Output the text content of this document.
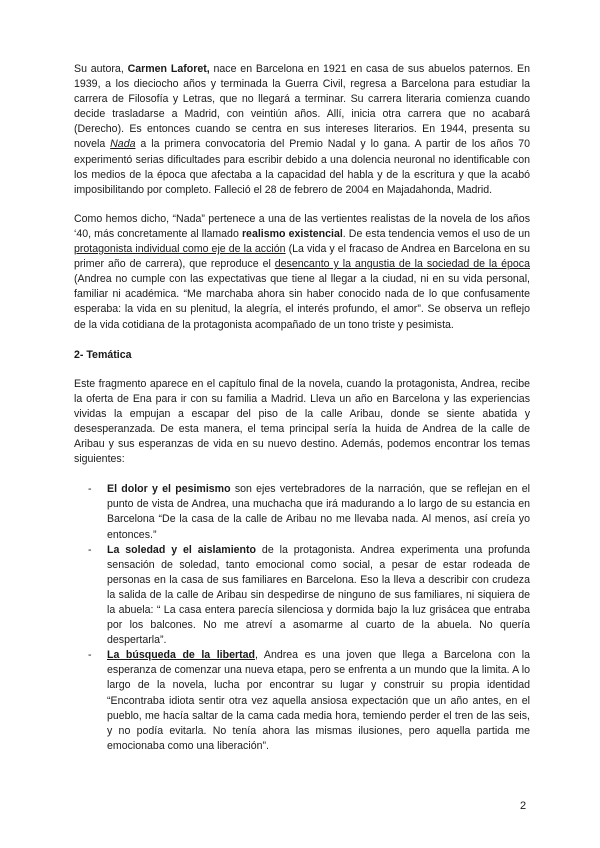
Su autora, Carmen Laforet, nace en Barcelona en 1921 en casa de sus abuelos paternos. En 1939, a los dieciocho años y terminada la Guerra Civil, regresa a Barcelona para estudiar la carrera de Filosofía y Letras, que no llegará a terminar. Su carrera literaria comienza cuando decide trasladarse a Madrid, con veintiún años. Allí, inicia otra carrera que no acabará (Derecho). Es entonces cuando se centra en sus intereses literarios. En 1944, presenta su novela Nada a la primera convocatoria del Premio Nadal y lo gana. A partir de los años 70 experimentó serias dificultades para escribir debido a una dolencia neuronal no identificable con los medios de la época que afectaba a la capacidad del habla y de la escritura y que la acabó imposibilitando por completo. Falleció el 28 de febrero de 2004 en Majadahonda, Madrid.

Como hemos dicho, “Nada” pertenece a una de las vertientes realistas de la novela de los años ‘40, más concretamente al llamado realismo existencial. De esta tendencia vemos el uso de un protagonista individual como eje de la acción (La vida y el fracaso de Andrea en Barcelona en su primer año de carrera), que reproduce el desencanto y la angustia de la sociedad de la época (Andrea no cumple con las expectativas que tiene al llegar a la ciudad, ni en su vida personal, familiar ni académica. “Me marchaba ahora sin haber conocido nada de lo que confusamente esperaba: la vida en su plenitud, la alegría, el interés profundo, el amor”. Se observa un reflejo de la vida cotidiana de la protagonista acompañado de un tono triste y pesimista.

2- Temática

Este fragmento aparece en el capítulo final de la novela, cuando la protagonista, Andrea, recibe la oferta de Ena para ir con su familia a Madrid. Lleva un año en Barcelona y las experiencias vividas la empujan a escapar del piso de la calle Aribau, donde se siente abatida y desesperanzada. De esta manera, el tema principal sería la huida de Andrea de la calle de Aribau y sus esperanzas de vida en su nuevo destino. Además, podemos encontrar los temas siguientes:

- El dolor y el pesimismo son ejes vertebradores de la narración, que se reflejan en el punto de vista de Andrea, una muchacha que irá madurando a lo largo de su estancia en Barcelona “De la casa de la calle de Aribau no me llevaba nada. Al menos, así creía yo entonces.”
- La soledad y el aislamiento de la protagonista. Andrea experimenta una profunda sensación de soledad, tanto emocional como social, a pesar de estar rodeada de personas en la casa de sus familiares en Barcelona. Eso la lleva a describir con crudeza la salida de la calle de Aribau sin despedirse de ninguno de sus familiares, ni siquiera de la abuela: “ La casa entera parecía silenciosa y dormida bajo la luz grisácea que entraba por los balcones. No me atreví a asomarme al cuarto de la abuela. No quería despertarla”.
- La búsqueda de la libertad, Andrea es una joven que llega a Barcelona con la esperanza de comenzar una nueva etapa, pero se enfrenta a un mundo que la limita. A lo largo de la novela, lucha por encontrar su lugar y construir su propia identidad “Encontraba idiota sentir otra vez aquella ansiosa expectación que un año antes, en el pueblo, me hacía saltar de la cama cada media hora, temiendo perder el tren de las seis, y no podía evitarla. No tenía ahora las mismas ilusiones, pero aquella partida me emocionaba como una liberación”.
2
